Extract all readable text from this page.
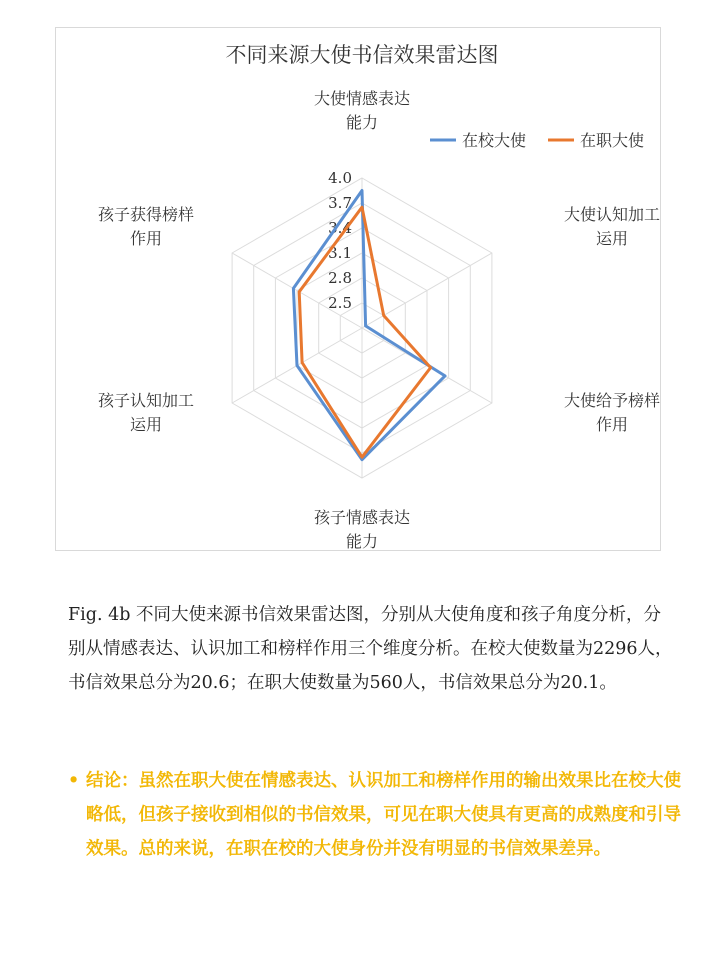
不同来源大使书信效果雷达图
4.0
3.7
3.4
3.1
2.8
2.5
大使情感表达
能力
大使认知加工
运用
大使给予榜样
作用
孩子情感表达
能力
孩子认知加工
运用
孩子获得榜样
作用
在校大使	在职大使
Fig. 4b 不同大使来源书信效果雷达图，分别从大使角度和孩子角度分析，分别从情感表达、认识加工和榜样作用三个维度分析。在校大使数量为2296人，书信效果总分为20.6；在职大使数量为560人，书信效果总分为20.1。
• 结论：虽然在职大使在情感表达、认识加工和榜样作用的输出效果比在校大使略低，但孩子接收到相似的书信效果，可见在职大使具有更高的成熟度和引导效果。总的来说，在职在校的大使身份并没有明显的书信效果差异。
